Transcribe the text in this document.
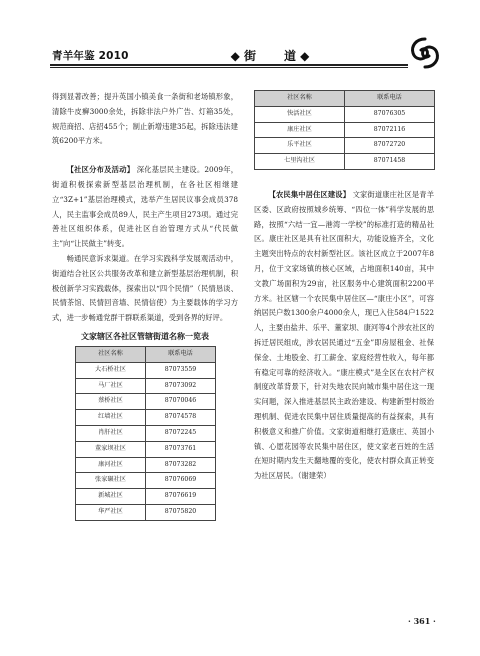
青羊年鉴 2010	◆ 街 道 ◆

得到显著改善；提升英国小镇美食一条街和老场镇形象，清除牛皮癣3000余处，拆除非法户外广告、灯箱35处，规范商招、店招455个；制止新增违建35起，拆除违法建筑6200平方米。

【社区分布及活动】 深化基层民主建设。2009年，街道积极探索新型基层治理机制，在各社区相继建立“3Z+1”基层治理模式，选举产生居民议事会成员378人，民主监事会成员89人，民主产生项目273项。通过完善社区组织体系，促进社区自治管理方式从“代民做主”向“让民做主”转变。

畅通民意诉求渠道。在学习实践科学发展观活动中，街道结合社区公共服务改革和建立新型基层治理机制，积极创新学习实践载体，探索出以“四个民情”（民情恳谈、民情茶馆、民情回音墙、民情信使）为主要载体的学习方式，进一步畅通党群干群联系渠道，受到各界的好评。

文家辖区各社区管辖街道名称一览表
社区名称	联系电话
大石桥社区	87073559
马厂社区	87073092
蔡桥社区	87070046
红墙社区	87074578
肖肝社区	87072245
董家坝社区	87073761
康河社区	87073282
张家碾社区	87076069
新城社区	87076619
华严社区	87075820
社区名称	联系电话
快活社区	87076305
康庄社区	87072116
乐平社区	87072720
七里沟社区	87071458

【农民集中居住区建设】 文家街道康庄社区是青羊区委、区政府按照城乡统筹、“四位一体”科学发展的思路，按照“六结一宜—港湾一学校”的标准打造的精品社区。康庄社区是具有社区面积大，功能设施齐全，文化主题突出特点的农村新型社区。该社区成立于2007年8月，位于文家场镇的核心区域，占地面积140亩，其中文教广场面积为29亩，社区服务中心建筑面积2200平方米。社区辖一个农民集中居住区—“康庄小区”，可容纳居民户数1300余户4000余人，现已入住584户1522人，主要由盐井、乐平、董家坝、康河等4个涉农社区的拆迁居民组成，涉农居民通过“五金”即房屋租金、社保保金、土地股金、打工薪金、家庭经营性收入，每年都有稳定可靠的经济收入。“康庄模式”是全区在农村产权制度改革背景下，针对失地农民向城市集中居住这一现实问题，深入推进基层民主政治建设、构建新型村级治理机制、促进农民集中居住质量提高的有益探索，具有积极意义和推广价值。文家街道相继打造康庄、英国小镇、心愿花园等农民集中居住区，使文家老百姓的生活在短时期内发生天翻地覆的变化，使农村群众真正转变为社区居民。（谢建荣）

· 361 ·
